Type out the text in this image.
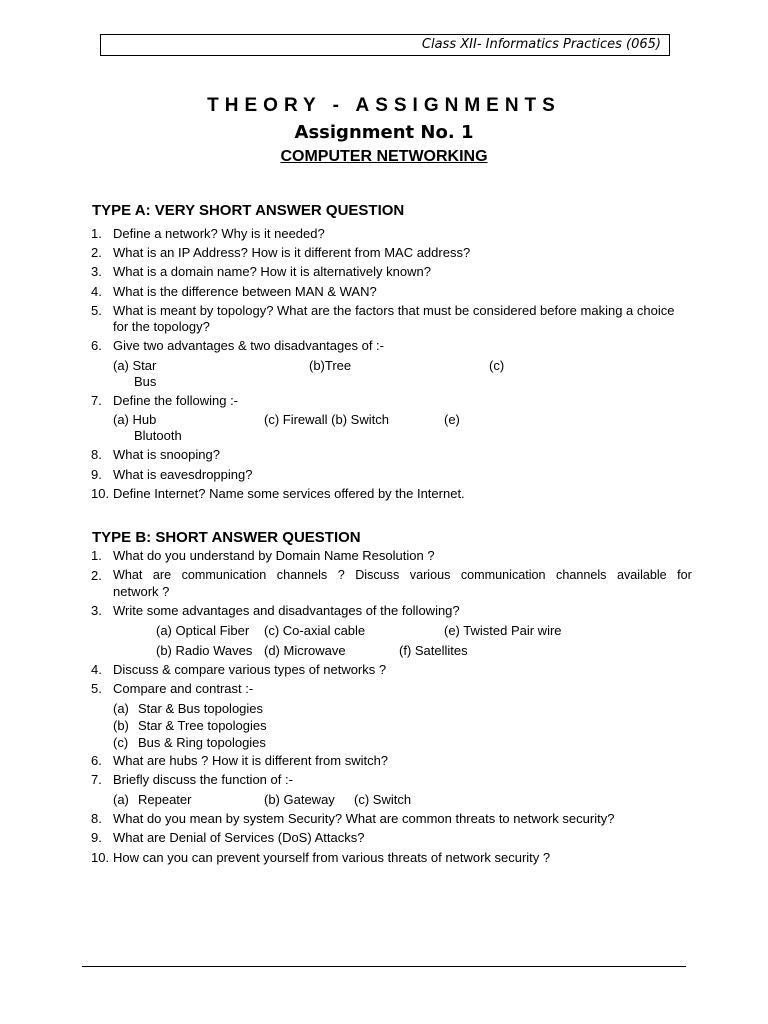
Class XII- Informatics Practices (065)
THEORY - ASSIGNMENTS
Assignment No. 1
COMPUTER NETWORKING
TYPE A: VERY SHORT ANSWER QUESTION
1. Define a network? Why is it needed?
2. What is an IP Address? How is it different from MAC address?
3. What is a domain name? How it is alternatively known?
4. What is the difference between MAN & WAN?
5. What is meant by topology? What are the factors that must be considered before making a choice
for the topology?
6. Give two advantages & two disadvantages of :-
(a) Star	(b)Tree	(c)
Bus
7. Define the following :-
(a) Hub	(c) Firewall (b) Switch	(e)
Blutooth
8. What is snooping?
9. What is eavesdropping?
10. Define Internet? Name some services offered by the Internet.
TYPE B: SHORT ANSWER QUESTION
1. What do you understand by Domain Name Resolution ?
2. What   are   communication   channels   ?   Discuss   various   communication   channels   available   for
network ?
3. Write some advantages and disadvantages of the following?
(a) Optical Fiber (c) Co-axial cable	(e) Twisted Pair wire
(b) Radio Waves (d) Microwave	(f) Satellites
4. Discuss & compare various types of networks ?
5. Compare and contrast :-
(a) Star & Bus topologies
(b) Star & Tree topologies
(c) Bus & Ring topologies
6. What are hubs ? How it is different from switch?
7. Briefly discuss the function of :-
(a) Repeater	(b) Gateway (c) Switch
8. What do you mean by system Security? What are common threats to network security?
9. What are Denial of Services (DoS) Attacks?
10. How can you can prevent yourself from various threats of network security ?
